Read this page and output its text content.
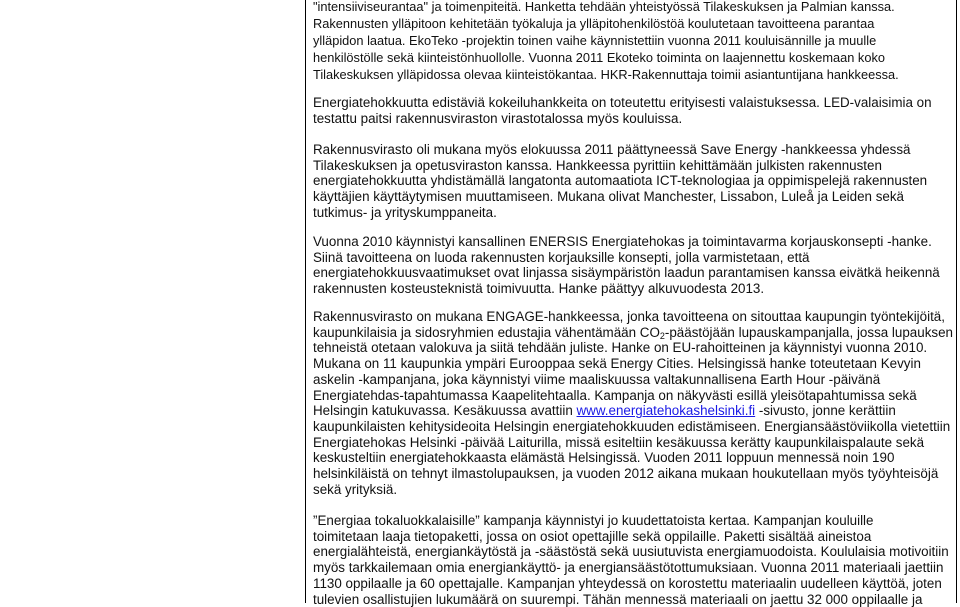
"intensiiviseurantaa" ja toimenpiteitä. Hanketta tehdään yhteistyössä Tilakeskuksen ja Palmian kanssa.
Rakennusten ylläpitoon kehitetään työkaluja ja ylläpitohenkilöstöä koulutetaan tavoitteena parantaa
ylläpidon laatua. EkoTeko -projektin toinen vaihe käynnistettiin vuonna 2011 kouluisännille ja muulle
henkilöstölle sekä kiinteistönhuollolle. Vuonna 2011 Ekoteko toiminta on laajennettu koskemaan koko
Tilakeskuksen ylläpidossa olevaa kiinteistökantaa. HKR-Rakennuttaja toimii asiantuntijana hankkeessa.
Energiatehokkuutta edistäviä kokeiluhankkeita on toteutettu erityisesti valaistuksessa. LED-valaisimia on
testattu paitsi rakennusviraston virastotalossa myös kouluissa.
Rakennusvirasto oli mukana myös elokuussa 2011 päättyneessä Save Energy -hankkeessa yhdessä
Tilakeskuksen ja opetusviraston kanssa. Hankkeessa pyrittiin kehittämään julkisten rakennusten
energiatehokkuutta yhdistämällä langatonta automaatiota ICT-teknologiaa ja oppimispelejä rakennusten
käyttäjien käyttäytymisen muuttamiseen. Mukana olivat Manchester, Lissabon, Luleå ja Leiden sekä
tutkimus- ja yrityskumppaneita.
Vuonna 2010 käynnistyi kansallinen ENERSIS Energiatehokas ja toimintavarma korjauskonsepti -hanke.
Siinä tavoitteena on luoda rakennusten korjauksille konsepti, jolla varmistetaan, että
energiatehokkuusvaatimukset ovat linjassa sisäympäristön laadun parantamisen kanssa eivätkä heikennä
rakennusten kosteusteknistä toimivuutta. Hanke päättyy alkuvuodesta 2013.
Rakennusvirasto on mukana ENGAGE-hankkeessa, jonka tavoitteena on sitouttaa kaupungin työntekijöitä,
kaupunkilaisia ja sidosryhmien edustajia vähentämään $CO_2$-päästöjään lupauskampanjalla, jossa lupauksen
tehneistä otetaan valokuva ja siitä tehdään juliste. Hanke on EU-rahoitteinen ja käynnistyi vuonna 2010.
Mukana on 11 kaupunkia ympäri Eurooppaa sekä Energy Cities. Helsingissä hanke toteutetaan Kevyin
askelin -kampanjana, joka käynnistyi viime maaliskuussa valtakunnallisena Earth Hour -päivänä
Energiatehdas-tapahtumassa Kaapelitehtaalla. Kampanja on näkyvästi esillä yleisötapahtumissa sekä
Helsingin katukuvassa. Kesäkuussa avattiin www.energiatehokashelsinki.fi -sivusto, jonne kerättiin
kaupunkilaisten kehitysideoita Helsingin energiatehokkuuden edistämiseen. Energiansäästöviikolla vietettiin
Energiatehokas Helsinki -päivää Laiturilla, missä esiteltiin kesäkuussa kerätty kaupunkilaispalaute sekä
keskusteltiin energiatehokkaasta elämästä Helsingissä. Vuoden 2011 loppuun mennessä noin 190
helsinkiläistä on tehnyt ilmastolupauksen, ja vuoden 2012 aikana mukaan houkutellaan myös työyhteisöjä
sekä yrityksiä.
”Energiaa tokaluokkalaisille” kampanja käynnistyi jo kuudettatoista kertaa. Kampanjan kouluille
toimitetaan laaja tietopaketti, jossa on osiot opettajille sekä oppilaille. Paketti sisältää aineistoa
energialähteistä, energiankäytöstä ja -säästöstä sekä uusiutuvista energiamuodoista. Koululaisia motivoitiin
myös tarkkailemaan omia energiankäyttö- ja energiansäästötottumuksiaan. Vuonna 2011 materiaali jaettiin
1130 oppilaalle ja 60 opettajalle. Kampanjan yhteydessä on korostettu materiaalin uudelleen käyttöä, joten
tulevien osallistujien lukumäärä on suurempi. Tähän mennessä materiaali on jaettu 32 000 oppilaalle ja
